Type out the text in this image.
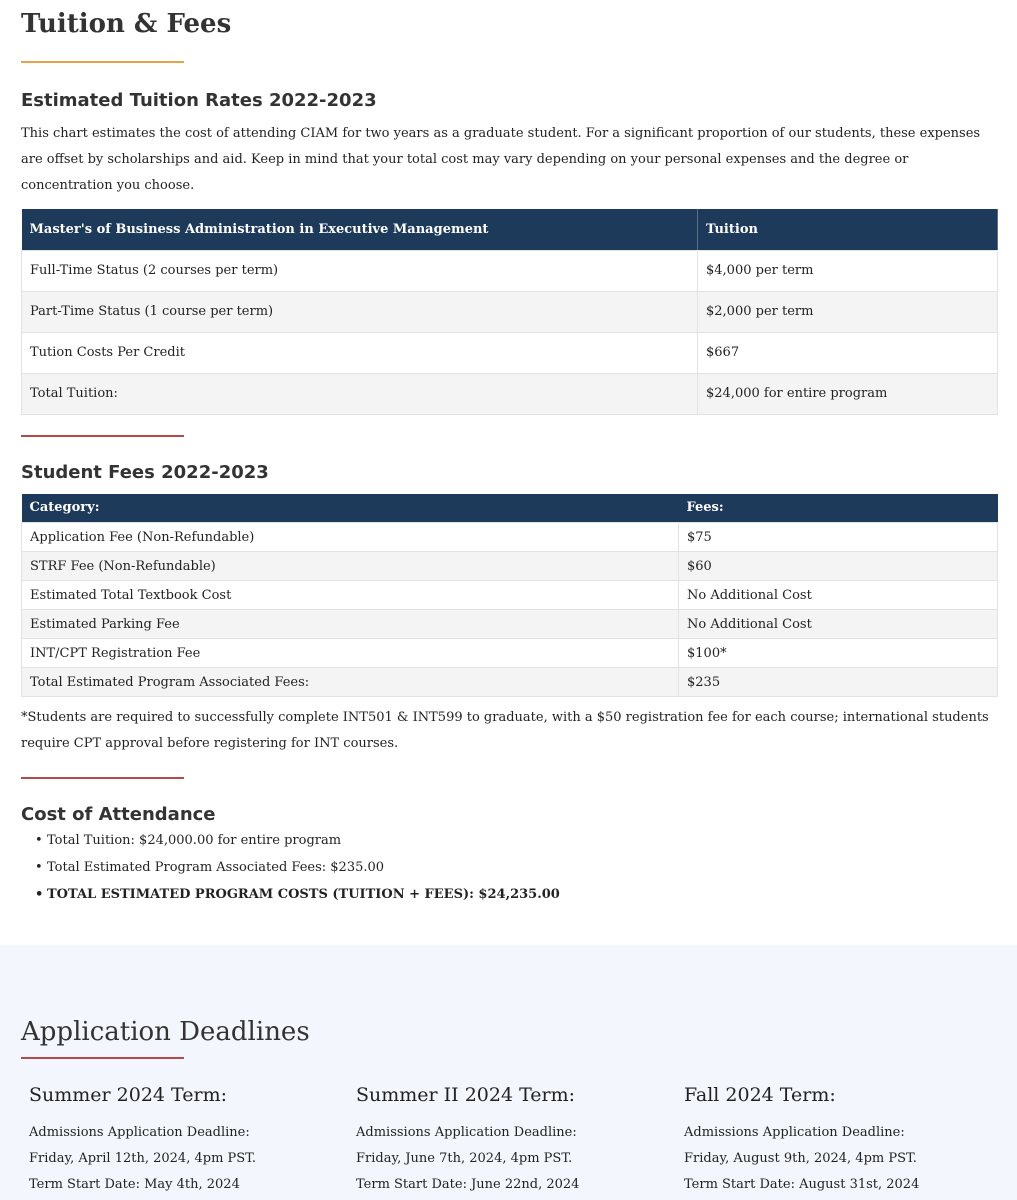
Tuition & Fees
Estimated Tuition Rates 2022-2023

This chart estimates the cost of attending CIAM for two years as a graduate student. For a significant proportion of our students, these expenses are offset by scholarships and aid. Keep in mind that your total cost may vary depending on your personal expenses and the degree or concentration you choose.

Master's of Business Administration in Executive Management	Tuition
Full-Time Status (2 courses per term)	$4,000 per term
Part-Time Status (1 course per term)	$2,000 per term
Tution Costs Per Credit	$667
Total Tuition:	$24,000 for entire program
Student Fees 2022-2023
Category:	Fees:
Application Fee (Non-Refundable)	$75
STRF Fee (Non-Refundable)	$60
Estimated Total Textbook Cost	No Additional Cost
Estimated Parking Fee	No Additional Cost
INT/CPT Registration Fee	$100*
Total Estimated Program Associated Fees:	$235

*Students are required to successfully complete INT501 & INT599 to graduate, with a $50 registration fee for each course; international students require CPT approval before registering for INT courses.

Cost of Attendance
• Total Tuition: $24,000.00 for entire program
• Total Estimated Program Associated Fees: $235.00
• TOTAL ESTIMATED PROGRAM COSTS (TUITION + FEES): $24,235.00
Application Deadlines
Summer 2024 Term:
Admissions Application Deadline:
Friday, April 12th, 2024, 4pm PST.
Term Start Date: May 4th, 2024
Summer II 2024 Term:
Admissions Application Deadline:
Friday, June 7th, 2024, 4pm PST.
Term Start Date: June 22nd, 2024
Fall 2024 Term:
Admissions Application Deadline:
Friday, August 9th, 2024, 4pm PST.
Term Start Date: August 31st, 2024
